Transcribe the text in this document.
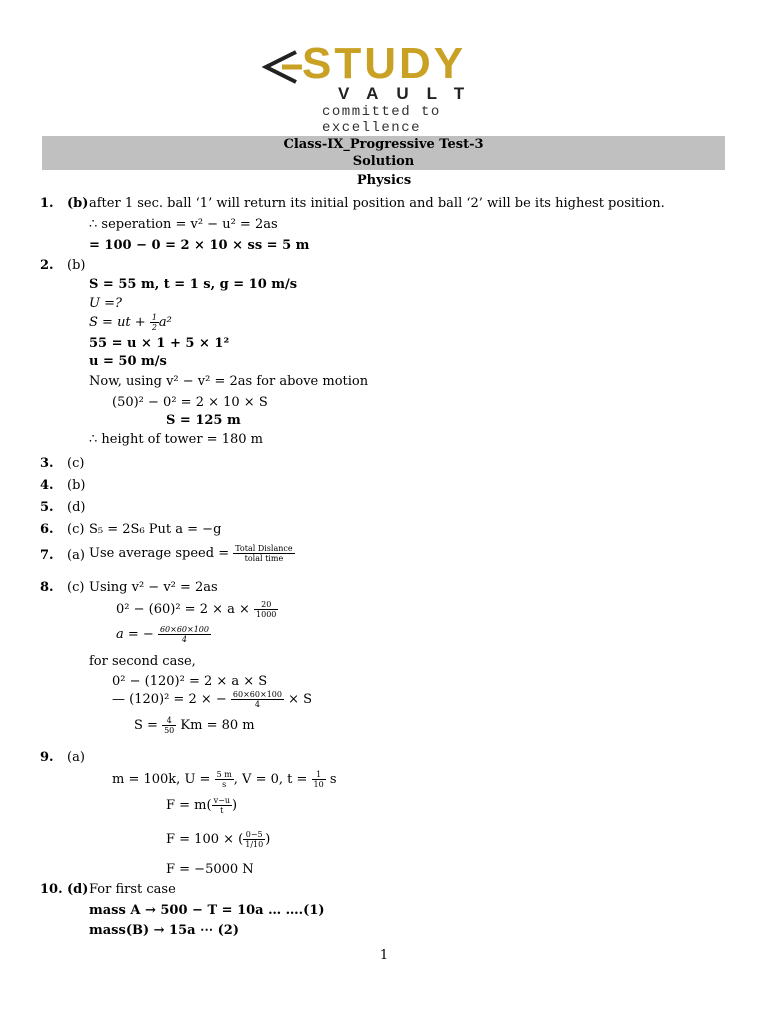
STUDY
VAULT
committed to excellence
Class-IX_Progressive Test-3
Solution
Physics
1. (b) after 1 sec. ball ‘1’ will return its initial position and ball ‘2’ will be its highest position.
∴ seperation = v² − u² = 2as
= 100 − 0 = 2 × 10 × ss = 5 m
2. (b)
S = 55 m, t = 1 s, g = 10 m/s
U =?
S = ut + $\frac{1}{2} a^2$
55 = u × 1 + 5 × 1²
u = 50 m/s
Now, using v² − v² = 2as for above motion
(50)² − 0² = 2 × 10 × S
S = 125 m
∴ height of tower = 180 m
3. (c)
4. (b)
5. (d)
6. (c) S₅ = 2S₆ Put a = −g
7. (a) Use average speed = $\frac{\text{Total Dislance}}{\text{tolal time}}$
8. (c) Using v² − v² = 2as
$0^2 - (60)^2 = 2 \times a \times \frac{20}{1000}$
a = − $\frac{60\times 60\times 100}{4}$
for second case,
0² − (120)² = 2 × a × S
— (120)² = 2 × − $\frac{60\times 60\times 100}{4} \times S$
$S = \frac{4}{50}$ Km = 80 m
9. (a)
m = 100k, $U = \frac{5 m}{s}$ , V = 0, $t = \frac{1}{10}$ s
$F = m( \frac{v-u}{t}$ )
F = 100 × ( $\frac{0-5}{1/10}$ )
F = −5000 N
10. (d) For first case
mass A → 500 − T = 10a … ….(1)
mass(B) → 15a ⋯ (2)
1
